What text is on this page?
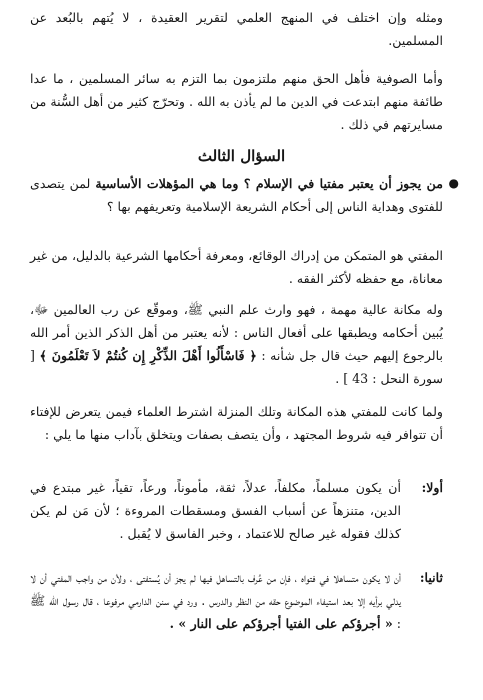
ومثله وإن اختلف في المنهج العلمي لتقرير العقيدة ، لا يُتهم بالبُعد عن المسلمين.

وأما الصوفية فأهل الحق منهم ملتزمون بما التزم به سائر المسلمين ، ما عدا طائفة منهم ابتدعت في الدين ما لم يأذن به الله . وتحرّج كثير من أهل السُّنة من مسايرتهم في ذلك .

السؤال الثالث

●
من يجوز أن يعتبر مفتيا في الإسلام ؟ وما هي المؤهلات الأساسية لمن يتصدى للفتوى وهداية الناس إلى أحكام الشريعة الإسلامية وتعريفهم بها ؟

المفتي هو المتمكن من إدراك الوقائع، ومعرفة أحكامها الشرعية بالدليل، من غير معاناة، مع حفظه لأكثر الفقه .

وله مكانة عالية مهمة ، فهو وارث علم النبي ﷺ، وموقّع عن رب العالمين ﷻ، يُبين أحكامه ويطبقها على أفعال الناس : لأنه يعتبر من أهل الذكر الذين أمر الله بالرجوع إليهم حيث قال جل شأنه : ﴿ فَاسْأَلُوا أَهْلَ الذِّكْرِ إِن كُنتُمْ لاَ تَعْلَمُونَ ﴾ [ سورة النحل : 43 ] .

ولما كانت للمفتي هذه المكانة وتلك المنزلة اشترط العلماء فيمن يتعرض للإفتاء أن تتوافر فيه شروط المجتهد ، وأن يتصف بصفات ويتخلق بآداب منها ما يلي :

أولا:

أن يكون مسلماً، مكلفاً، عدلاً، ثقة، مأموناً، ورعاً، تقياً، غير مبتدع في الدين، متنزهاً عن أسباب الفسق ومسقطات المروءة ؛ لأن مَن لم يكن كذلك فقوله غير صالح للاعتماد ، وخبر الفاسق لا يُقبل .

ثانيا:

أن لا يكون متساهلا في فتواه ، فإن من عُرف بالتساهل فيها لم يجز أن يُستفتى ، ولأن من واجب المفتي أن لا يدلي برأيه إلا بعد استيفاء الموضوع حقه من النظر والدرس . ورد في سنن الدارمي مرفوعا ، قال رسول الله ﷺ : « أجرؤكم على الفتيا أجرؤكم على النار » .
